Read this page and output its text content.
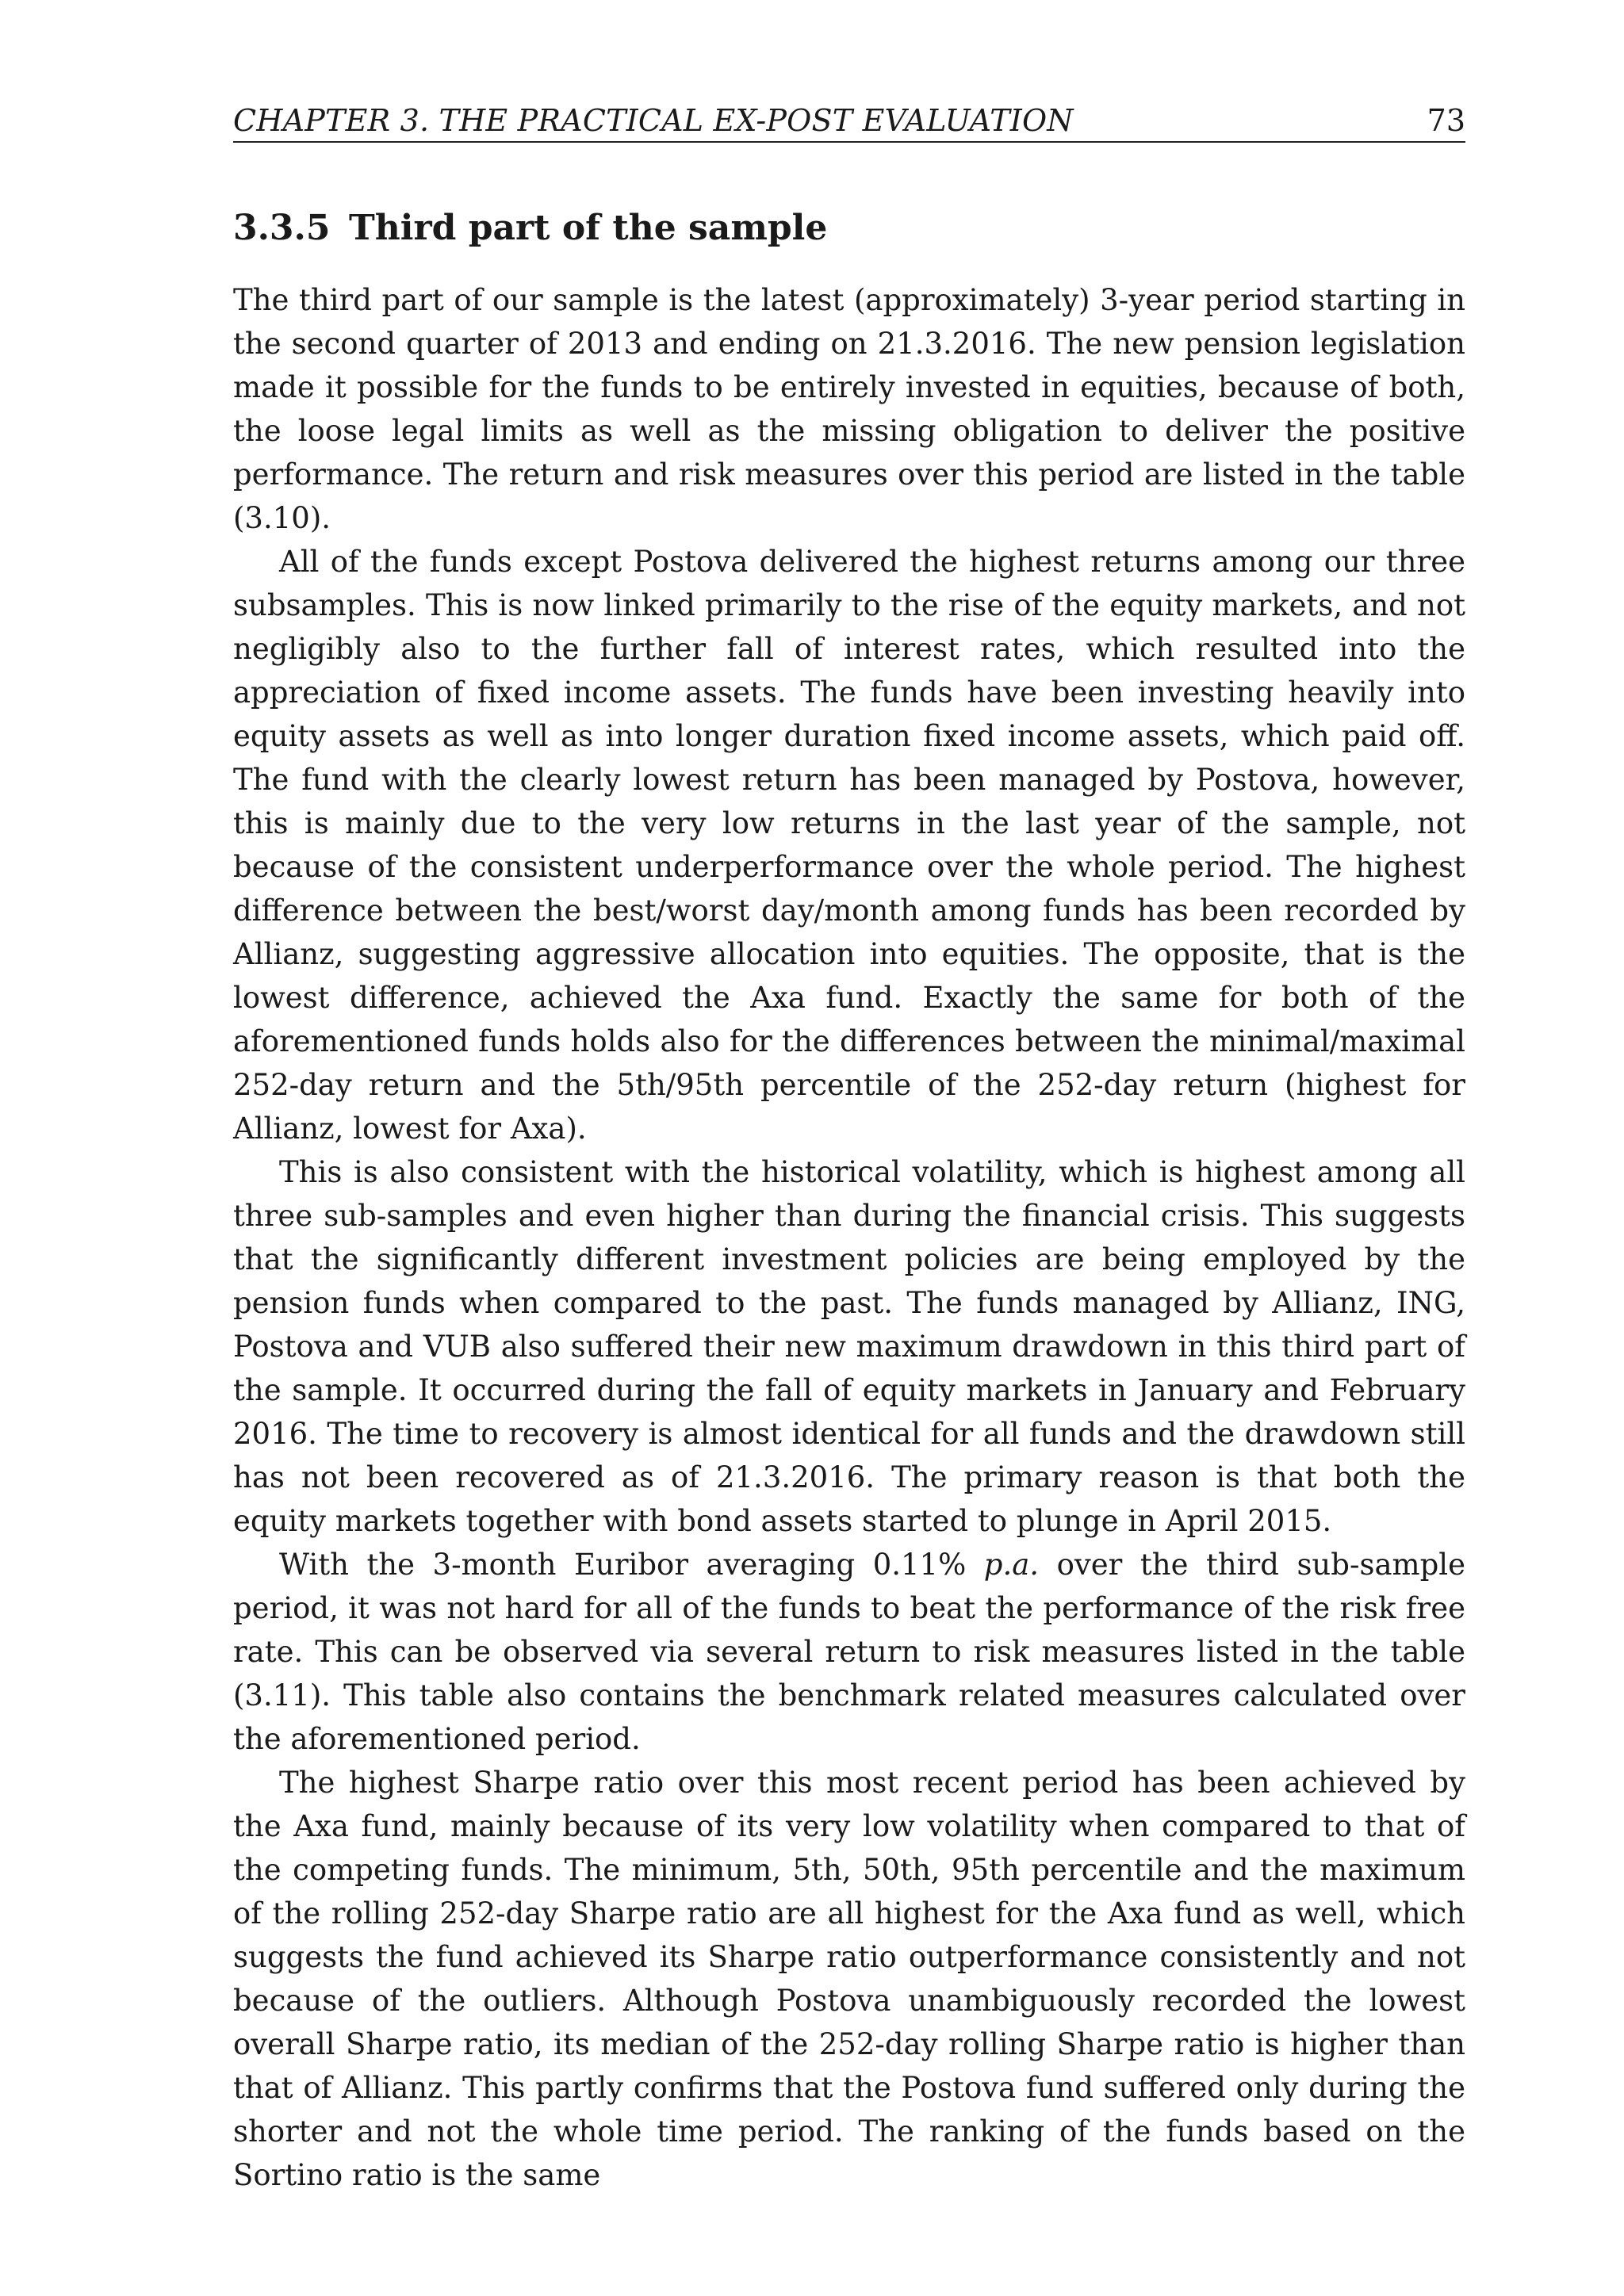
CHAPTER 3. THE PRACTICAL EX-POST EVALUATION	73
3.3.5 Third part of the sample

The third part of our sample is the latest (approximately) 3-year period starting in the second quarter of 2013 and ending on 21.3.2016. The new pension legislation made it possible for the funds to be entirely invested in equities, because of both, the loose legal limits as well as the missing obligation to deliver the positive performance. The return and risk measures over this period are listed in the table (3.10).

All of the funds except Postova delivered the highest returns among our three subsamples. This is now linked primarily to the rise of the equity markets, and not negligibly also to the further fall of interest rates, which resulted into the appreciation of fixed income assets. The funds have been investing heavily into equity assets as well as into longer duration fixed income assets, which paid off. The fund with the clearly lowest return has been managed by Postova, however, this is mainly due to the very low returns in the last year of the sample, not because of the consistent underperformance over the whole period. The highest difference between the best/worst day/month among funds has been recorded by Allianz, suggesting aggressive allocation into equities. The opposite, that is the lowest difference, achieved the Axa fund. Exactly the same for both of the aforementioned funds holds also for the differences between the minimal/maximal 252-day return and the 5th/95th percentile of the 252-day return (highest for Allianz, lowest for Axa).

This is also consistent with the historical volatility, which is highest among all three sub-samples and even higher than during the financial crisis. This suggests that the significantly different investment policies are being employed by the pension funds when compared to the past. The funds managed by Allianz, ING, Postova and VUB also suffered their new maximum drawdown in this third part of the sample. It occurred during the fall of equity markets in January and February 2016. The time to recovery is almost identical for all funds and the drawdown still has not been recovered as of 21.3.2016. The primary reason is that both the equity markets together with bond assets started to plunge in April 2015.

With the 3-month Euribor averaging 0.11% p.a. over the third sub-sample period, it was not hard for all of the funds to beat the performance of the risk free rate. This can be observed via several return to risk measures listed in the table (3.11). This table also contains the benchmark related measures calculated over the aforementioned period.

The highest Sharpe ratio over this most recent period has been achieved by the Axa fund, mainly because of its very low volatility when compared to that of the competing funds. The minimum, 5th, 50th, 95th percentile and the maximum of the rolling 252-day Sharpe ratio are all highest for the Axa fund as well, which suggests the fund achieved its Sharpe ratio outperformance consistently and not because of the outliers. Although Postova unambiguously recorded the lowest overall Sharpe ratio, its median of the 252-day rolling Sharpe ratio is higher than that of Allianz. This partly confirms that the Postova fund suffered only during the shorter and not the whole time period. The ranking of the funds based on the Sortino ratio is the same
